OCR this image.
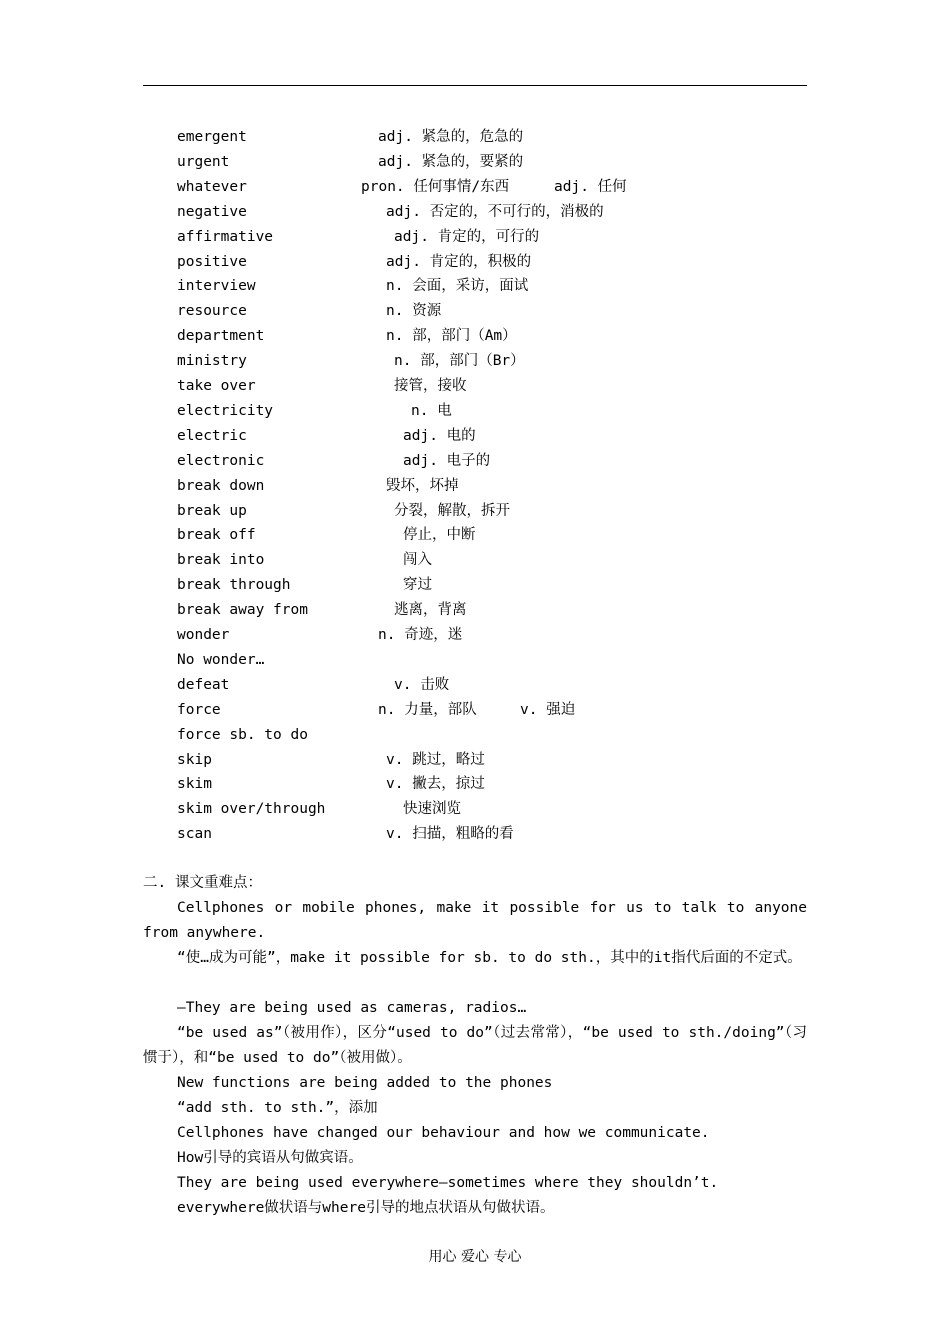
emergent	adj. 紧急的，危急的
urgent	adj. 紧急的，要紧的
whatever	pron. 任何事情/东西	adj. 任何
negative	adj. 否定的，不可行的，消极的
affirmative	adj. 肯定的，可行的
positive	adj. 肯定的，积极的
interview	n. 会面，采访，面试
resource	n. 资源
department	n. 部，部门（Am）
ministry	n. 部，部门（Br）
take over	接管，接收
electricity	n. 电
electric	adj. 电的
electronic	adj. 电子的
break down	毁坏，坏掉
break up	分裂，解散，拆开
break off	停止，中断
break into	闯入
break through	穿过
break away from	逃离，背离
wonder	n. 奇迹，迷
No wonder…
defeat	v. 击败
force	n. 力量，部队	v. 强迫
force sb. to do
skip	v. 跳过，略过
skim	v. 撇去，掠过
skim over/through	快速浏览
scan	v. 扫描，粗略的看
二. 课文重难点：
Cellphones or mobile phones, make it possible for us to talk to anyone from anywhere.
“使…成为可能”，make it possible for sb. to do sth.，其中的it指代后面的不定式。
—They are being used as cameras, radios…
“be used as”（被用作），区分“used to do”（过去常常），“be used to sth./doing”（习惯于），和“be used to do”（被用做）。
New functions are being added to the phones
“add sth. to sth.”，添加
Cellphones have changed our behaviour and how we communicate.
How引导的宾语从句做宾语。
They are being used everywhere—sometimes where they shouldn’t.
everywhere做状语与where引导的地点状语从句做状语。
用心 爱心 专心
